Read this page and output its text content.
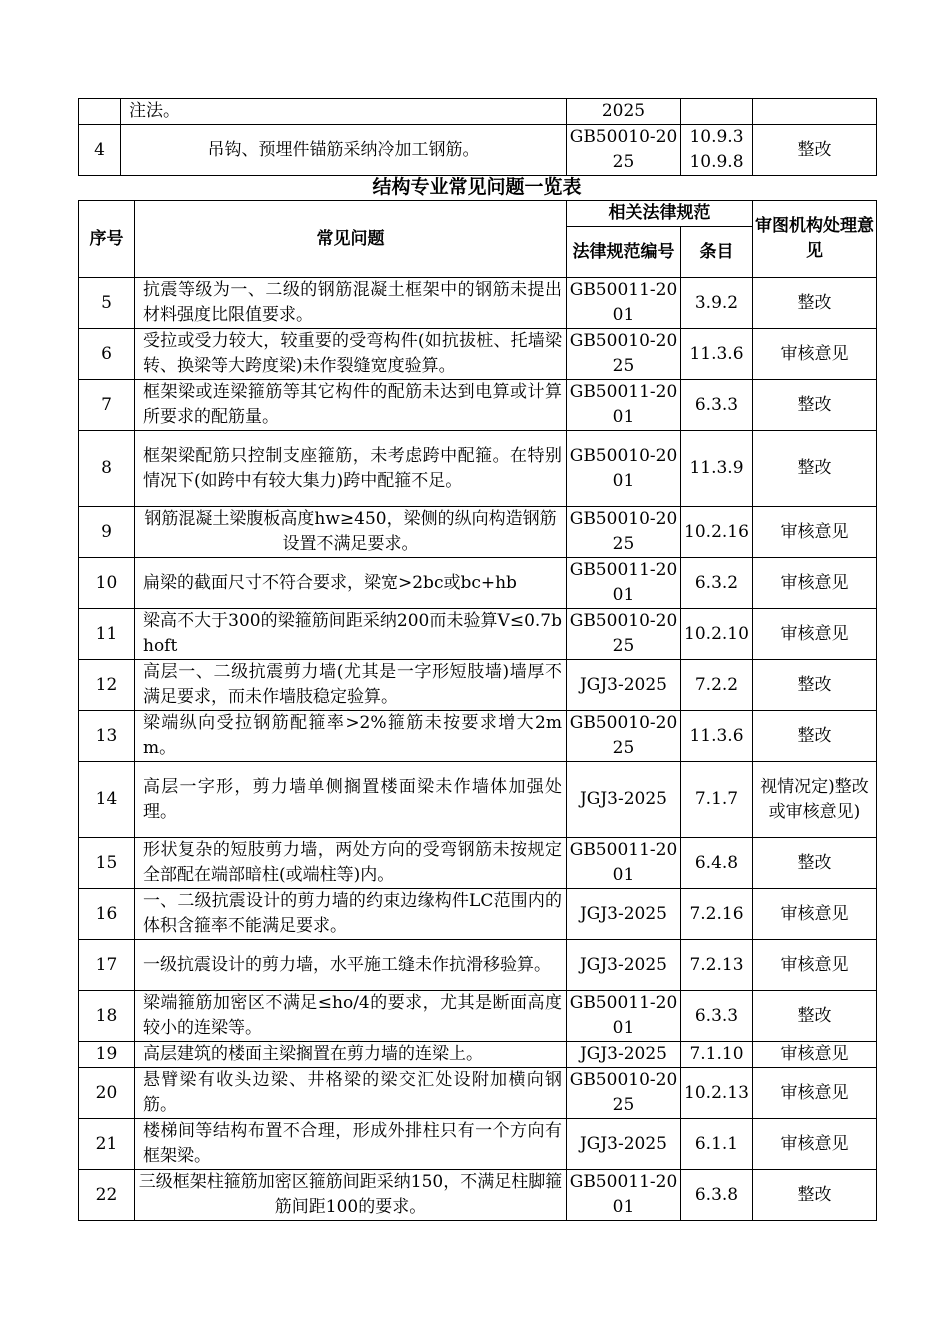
	注法。	2025		
4	吊钩、预埋件锚筋采纳冷加工钢筋。	GB50010-2025	10.9.3 10.9.8	整改
结构专业常见问题一览表
序号	常见问题	相关法律规范		审图机构处理意见
		法律规范编号	条目	
5	抗震等级为一、二级的钢筋混凝土框架中的钢筋未提出材料强度比限值要求。	GB50011-2001	3.9.2	整改
6	受拉或受力较大，较重要的受弯构件(如抗拔桩、托墙梁转、换梁等大跨度梁)未作裂缝宽度验算。	GB50010-2025	11.3.6	审核意见
7	框架梁或连梁箍筋等其它构件的配筋未达到电算或计算所要求的配筋量。	GB50011-2001	6.3.3	整改
8	框架梁配筋只控制支座箍筋，未考虑跨中配箍。在特别情况下(如跨中有较大集力)跨中配箍不足。	GB50010-2001	11.3.9	整改
9	钢筋混凝土梁腹板高度hw≥450，梁侧的纵向构造钢筋设置不满足要求。	GB50010-2025	10.2.16	审核意见
10	扁梁的截面尺寸不符合要求，梁宽>2bc或bc+hb	GB50011-2001	6.3.2	审核意见
11	梁高不大于300的梁箍筋间距采纳200而未验算V≤0.7bhoft	GB50010-2025	10.2.10	审核意见
12	高层一、二级抗震剪力墙(尤其是一字形短肢墙)墙厚不满足要求，而未作墙肢稳定验算。	JGJ3-2025	7.2.2	整改
13	梁端纵向受拉钢筋配箍率>2%箍筋未按要求增大2mm。	GB50010-2025	11.3.6	整改
14	高层一字形，剪力墙单侧搁置楼面梁未作墙体加强处理。	JGJ3-2025	7.1.7	视情况定)整改或审核意见)
15	形状复杂的短肢剪力墙，两处方向的受弯钢筋未按规定全部配在端部暗柱(或端柱等)内。	GB50011-2001	6.4.8	整改
16	一、二级抗震设计的剪力墙的约束边缘构件LC范围内的体积含箍率不能满足要求。	JGJ3-2025	7.2.16	审核意见
17	一级抗震设计的剪力墙，水平施工缝未作抗滑移验算。	JGJ3-2025	7.2.13	审核意见
18	梁端箍筋加密区不满足≤ho/4的要求，尤其是断面高度较小的连梁等。	GB50011-2001	6.3.3	整改
19	高层建筑的楼面主梁搁置在剪力墙的连梁上。	JGJ3-2025	7.1.10	审核意见
20	悬臂梁有收头边梁、井格梁的梁交汇处设附加横向钢筋。	GB50010-2025	10.2.13	审核意见
21	楼梯间等结构布置不合理，形成外排柱只有一个方向有框架梁。	JGJ3-2025	6.1.1	审核意见
22	三级框架柱箍筋加密区箍筋间距采纳150，不满足柱脚箍筋间距100的要求。	GB50011-2001	6.3.8	整改
